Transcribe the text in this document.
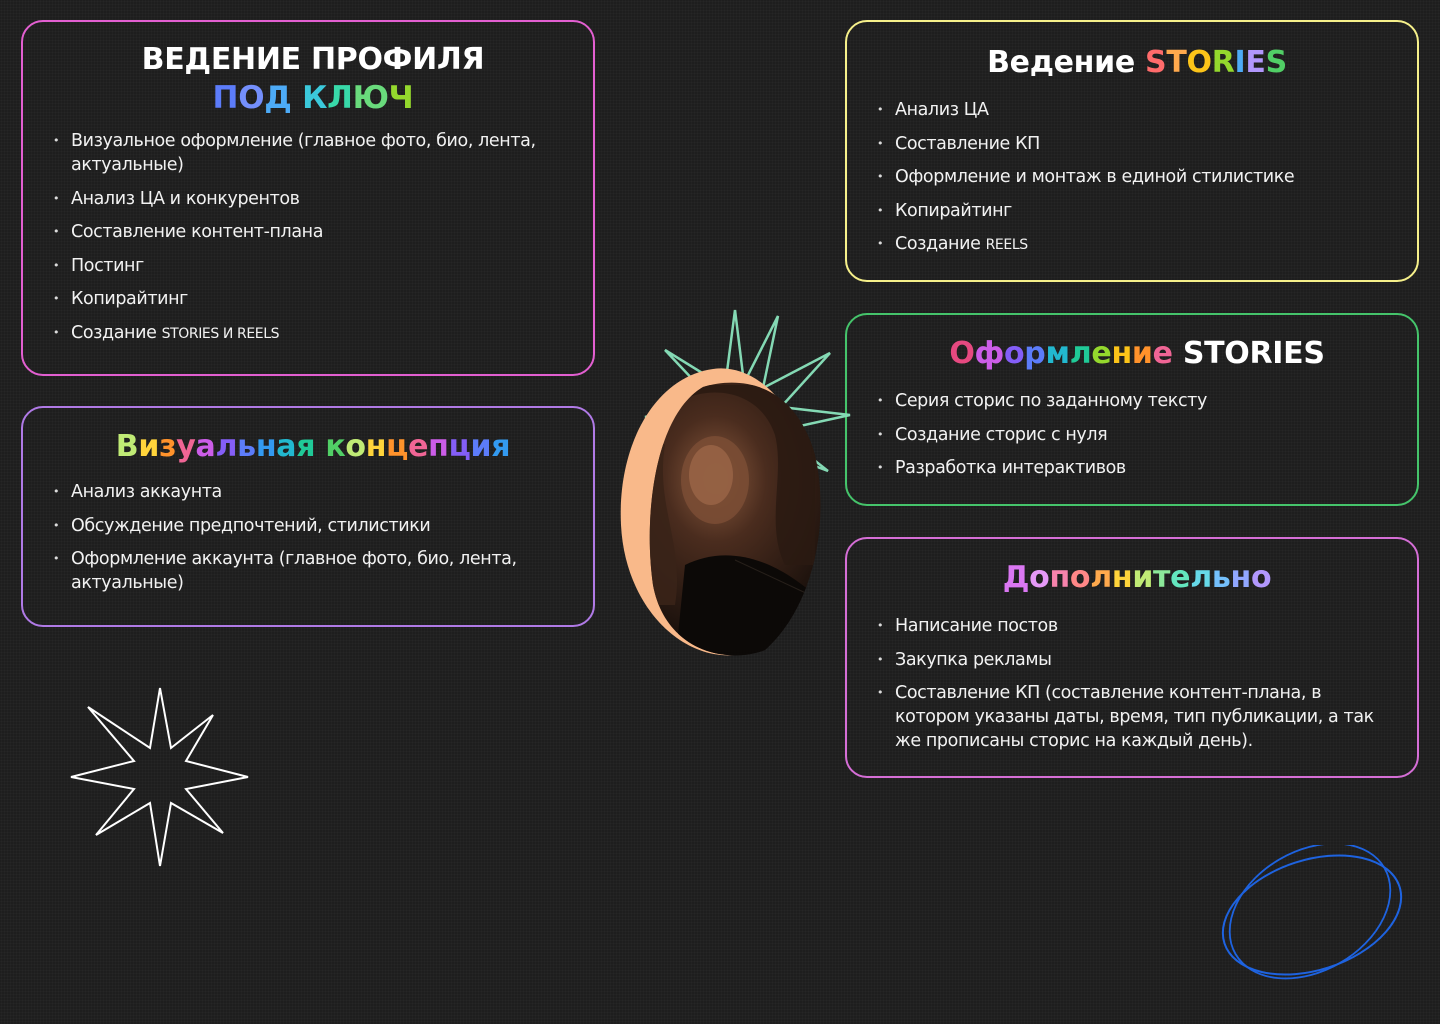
ВЕДЕНИЕ ПРОФИЛЯ
ПОД КЛЮЧ
• Визуальное оформление (главное фото, био, лента, актуальные)
• Анализ ЦА и конкурентов
• Составление контент-плана
• Постинг
• Копирайтинг
• Создание STORIES И REELS
Визуальная концепция
• Анализ аккаунта
• Обсуждение предпочтений, стилистики
• Оформление аккаунта (главное фото, био, лента, актуальные)
Ведение STORIES
• Анализ ЦА
• Составление КП
• Оформление и монтаж в единой стилистике
• Копирайтинг
• Создание REELS
Оформление STORIES
• Серия сторис по заданному тексту
• Создание сторис с нуля
• Разработка интерактивов
Дополнительно
• Написание постов
• Закупка рекламы
• Составление КП (составление контент-плана, в котором указаны даты, время, тип публикации, а так же прописаны сторис на каждый день).
